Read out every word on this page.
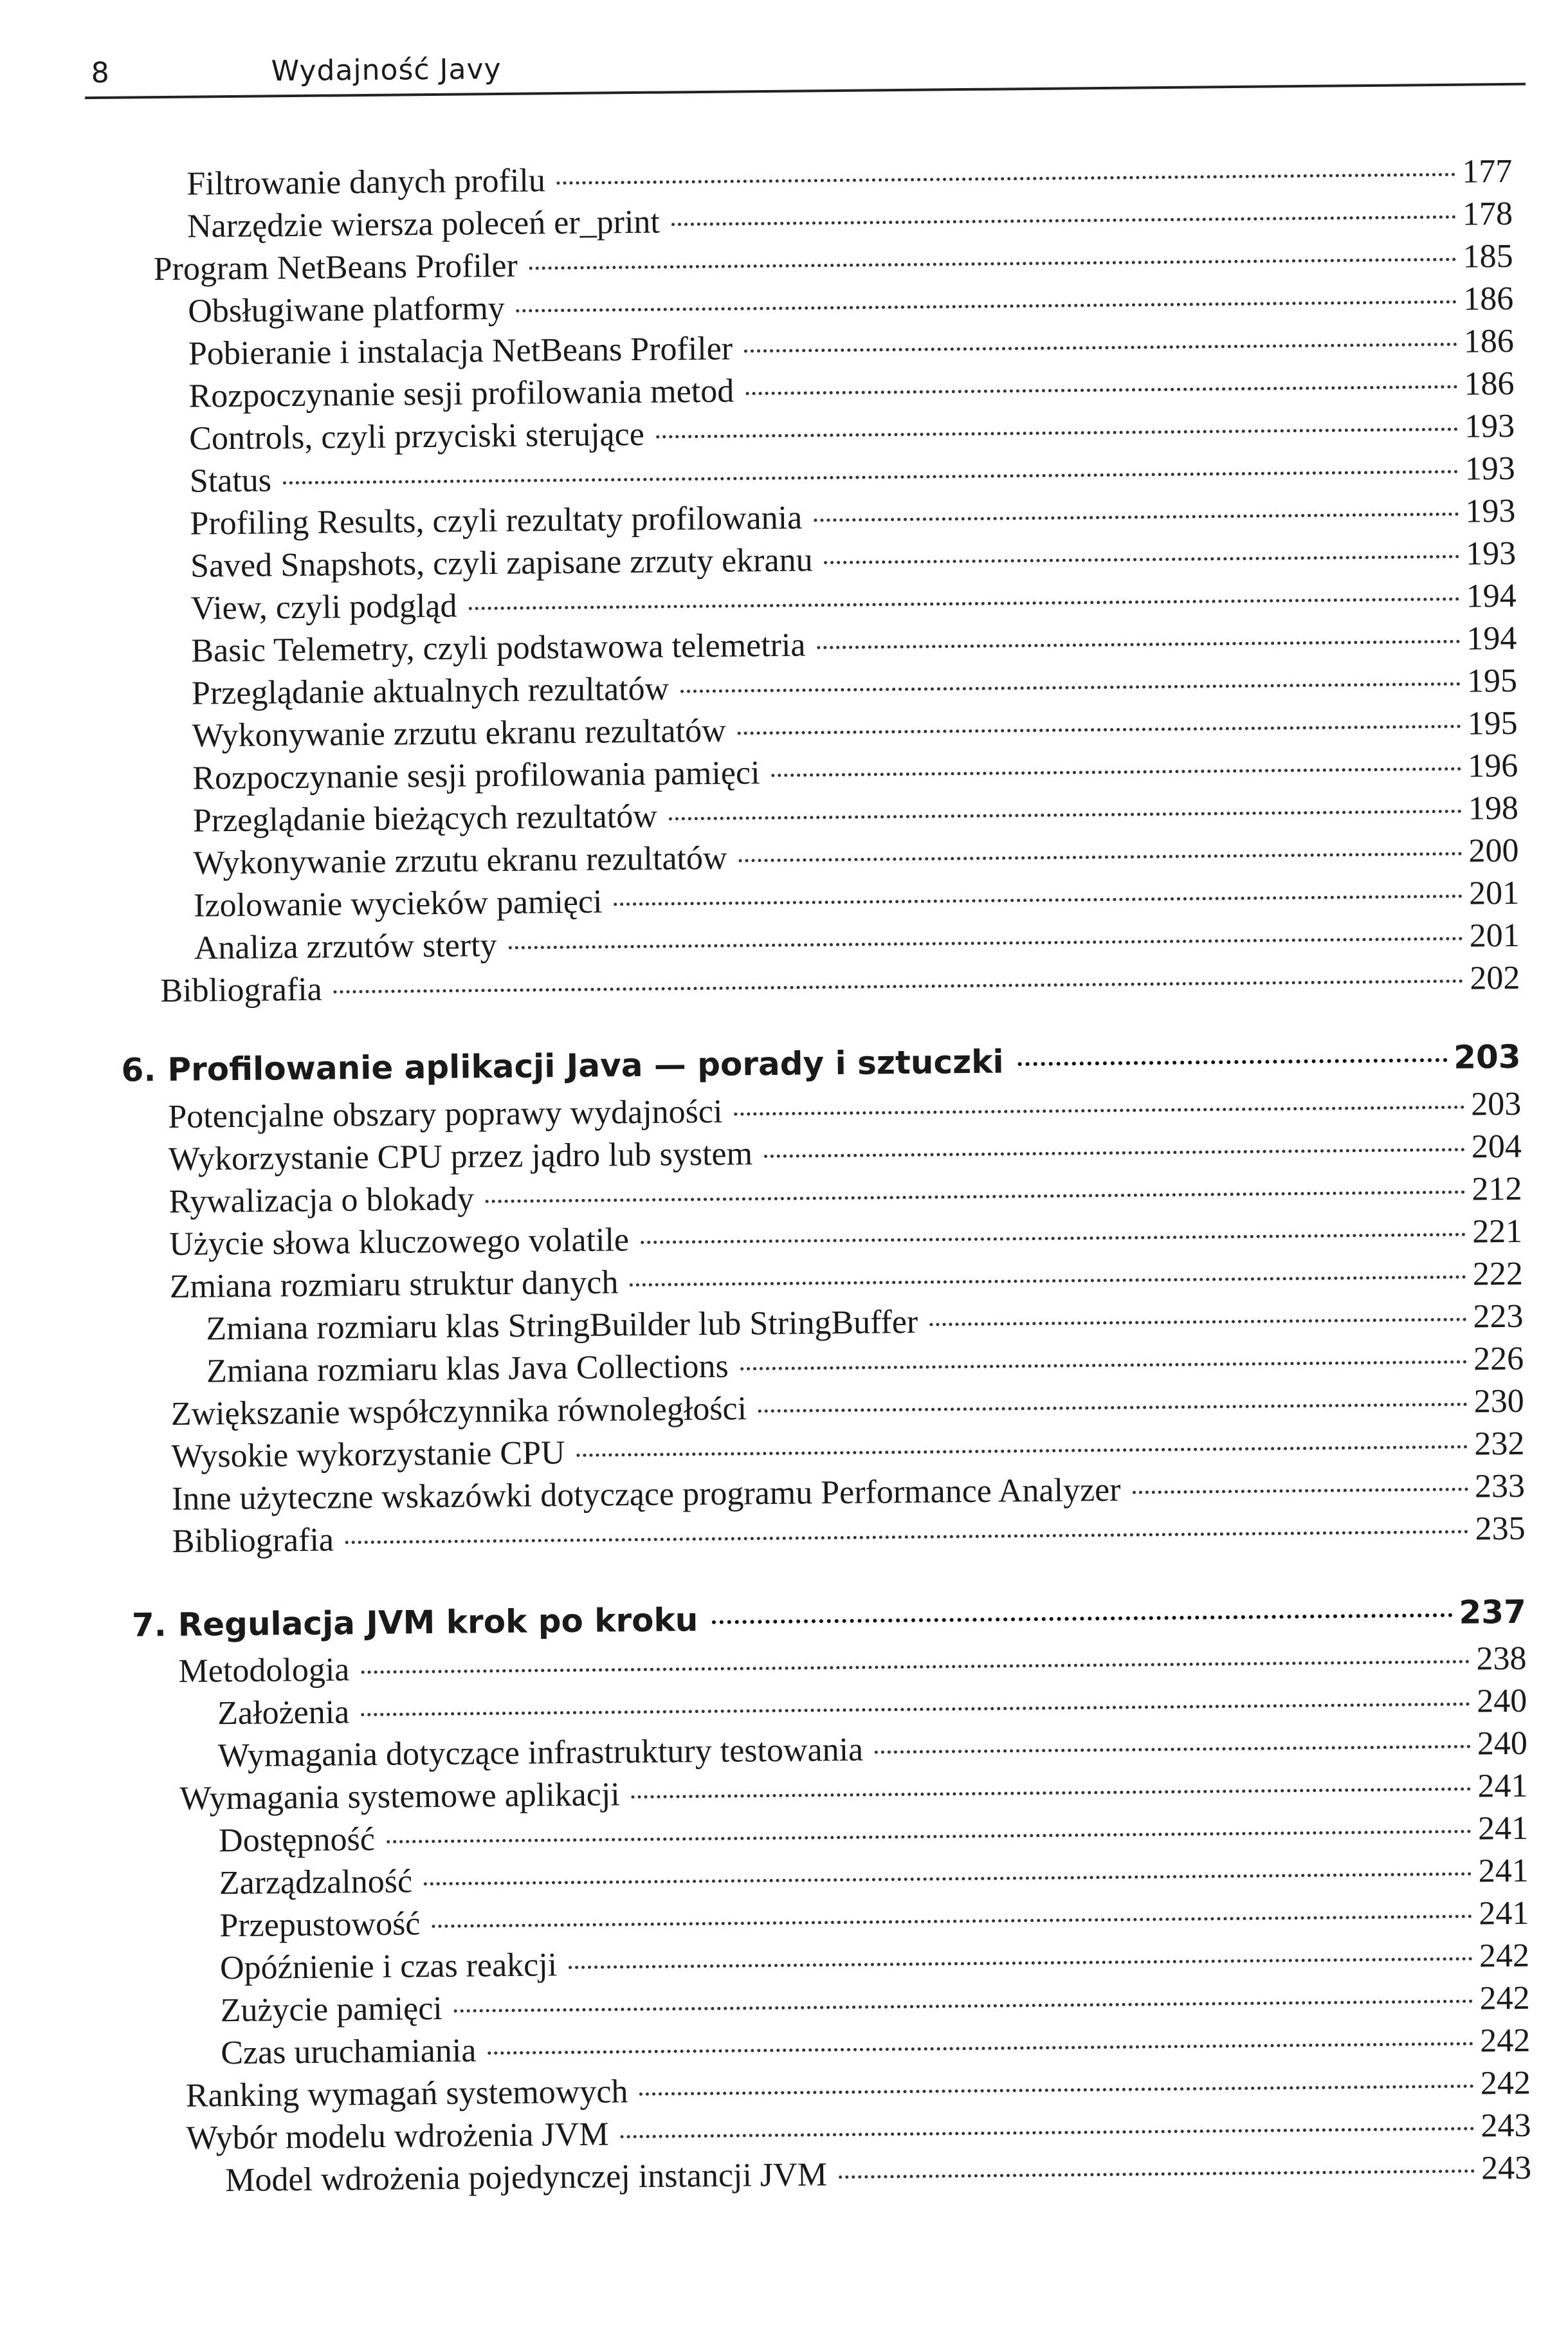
8	Wydajność Javy
Filtrowanie danych profilu	177
Narzędzie wiersza poleceń er_print	178
Program NetBeans Profiler	185
Obsługiwane platformy	186
Pobieranie i instalacja NetBeans Profiler	186
Rozpoczynanie sesji profilowania metod	186
Controls, czyli przyciski sterujące	193
Status	193
Profiling Results, czyli rezultaty profilowania	193
Saved Snapshots, czyli zapisane zrzuty ekranu	193
View, czyli podgląd	194
Basic Telemetry, czyli podstawowa telemetria	194
Przeglądanie aktualnych rezultatów	195
Wykonywanie zrzutu ekranu rezultatów	195
Rozpoczynanie sesji profilowania pamięci	196
Przeglądanie bieżących rezultatów	198
Wykonywanie zrzutu ekranu rezultatów	200
Izolowanie wycieków pamięci	201
Analiza zrzutów sterty	201
Bibliografia	202
6. Profilowanie aplikacji Java — porady i sztuczki	203
Potencjalne obszary poprawy wydajności	203
Wykorzystanie CPU przez jądro lub system	204
Rywalizacja o blokady	212
Użycie słowa kluczowego volatile	221
Zmiana rozmiaru struktur danych	222
Zmiana rozmiaru klas StringBuilder lub StringBuffer	223
Zmiana rozmiaru klas Java Collections	226
Zwiększanie współczynnika równoległości	230
Wysokie wykorzystanie CPU	232
Inne użyteczne wskazówki dotyczące programu Performance Analyzer	233
Bibliografia	235
7. Regulacja JVM krok po kroku	237
Metodologia	238
Założenia	240
Wymagania dotyczące infrastruktury testowania	240
Wymagania systemowe aplikacji	241
Dostępność	241
Zarządzalność	241
Przepustowość	241
Opóźnienie i czas reakcji	242
Zużycie pamięci	242
Czas uruchamiania	242
Ranking wymagań systemowych	242
Wybór modelu wdrożenia JVM	243
Model wdrożenia pojedynczej instancji JVM	243
